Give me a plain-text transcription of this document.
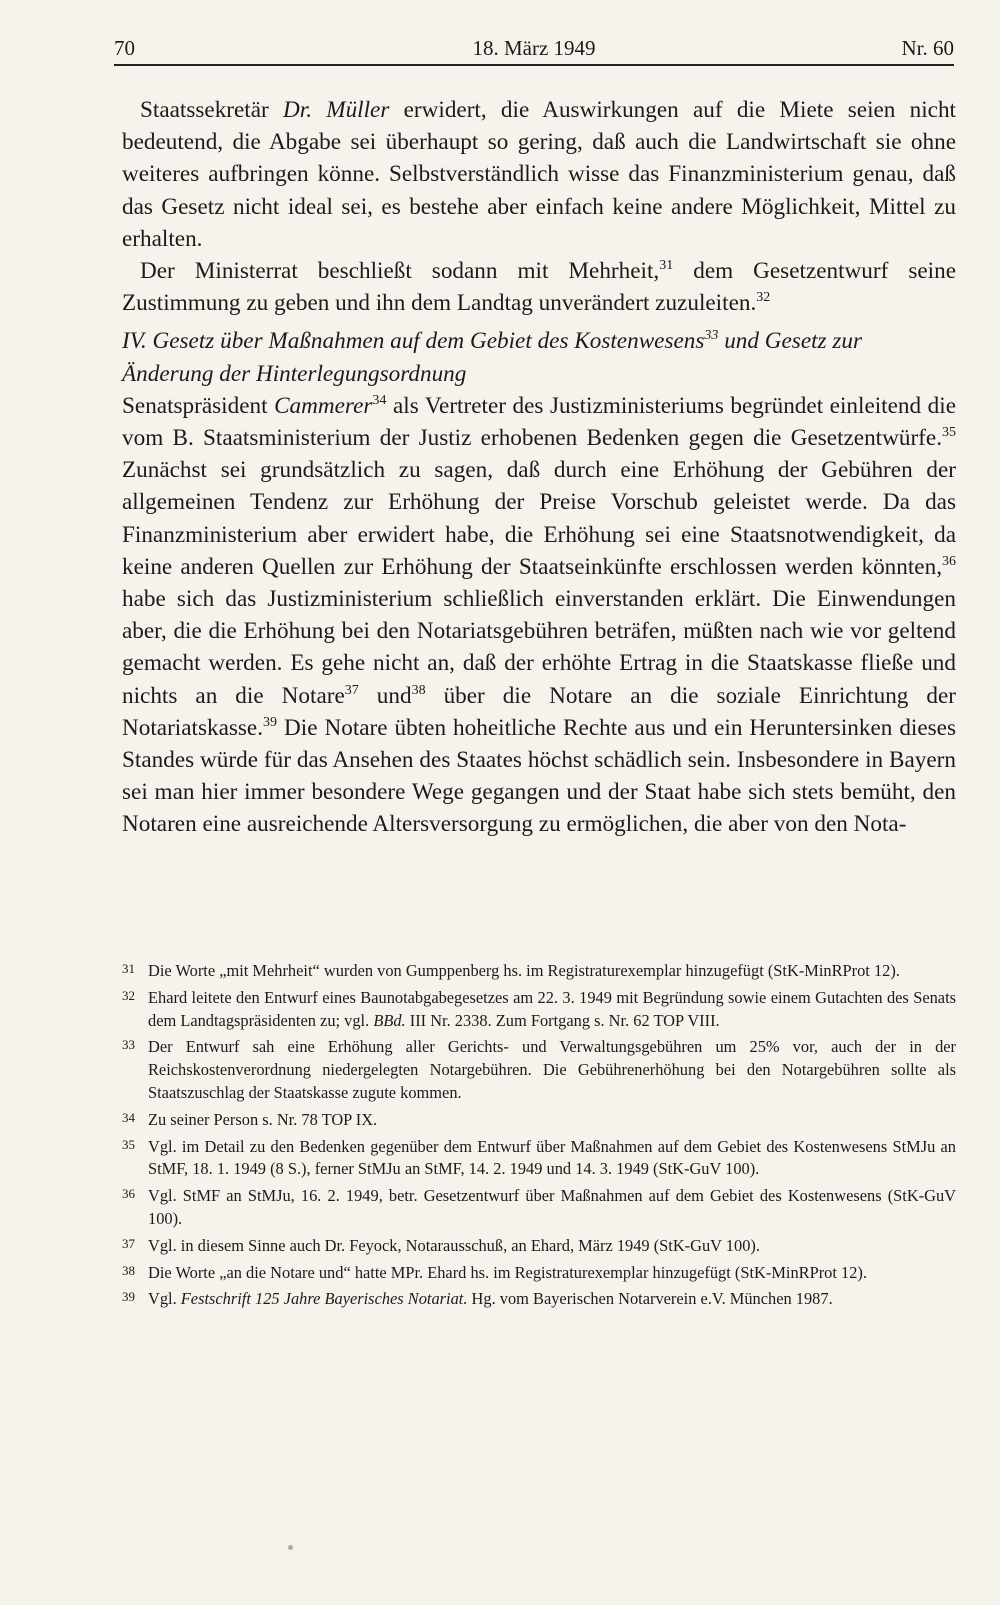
70	18. März 1949	Nr. 60

Staatssekretär Dr. Müller erwidert, die Auswirkungen auf die Miete seien nicht bedeutend, die Abgabe sei überhaupt so gering, daß auch die Landwirtschaft sie ohne weiteres aufbringen könne. Selbstverständlich wisse das Finanzministerium genau, daß das Gesetz nicht ideal sei, es bestehe aber einfach keine andere Möglichkeit, Mittel zu erhalten.

Der Ministerrat beschließt sodann mit Mehrheit,$^{31}$ dem Gesetzentwurf seine Zustimmung zu geben und ihn dem Landtag unverändert zuzuleiten.$^{32}$

IV. Gesetz über Maßnahmen auf dem Gebiet des Kostenwesens$^{33}$ und Gesetz zur Änderung der Hinterlegungsordnung

Senatspräsident Cammerer$^{34}$ als Vertreter des Justizministeriums begründet einleitend die vom B. Staatsministerium der Justiz erhobenen Bedenken gegen die Gesetzentwürfe.$^{35}$ Zunächst sei grundsätzlich zu sagen, daß durch eine Erhöhung der Gebühren der allgemeinen Tendenz zur Erhöhung der Preise Vorschub geleistet werde. Da das Finanzministerium aber erwidert habe, die Erhöhung sei eine Staatsnotwendigkeit, da keine anderen Quellen zur Erhöhung der Staatseinkünfte erschlossen werden könnten,$^{36}$ habe sich das Justizministerium schließlich einverstanden erklärt. Die Einwendungen aber, die die Erhöhung bei den Notariatsgebühren beträfen, müßten nach wie vor geltend gemacht werden. Es gehe nicht an, daß der erhöhte Ertrag in die Staatskasse fließe und nichts an die Notare$^{37}$ und$^{38}$ über die Notare an die soziale Einrichtung der Notariatskasse.$^{39}$ Die Notare übten hoheitliche Rechte aus und ein Heruntersinken dieses Standes würde für das Ansehen des Staates höchst schädlich sein. Insbesondere in Bayern sei man hier immer besondere Wege gegangen und der Staat habe sich stets bemüht, den Notaren eine ausreichende Altersversorgung zu ermöglichen, die aber von den Nota-

31 Die Worte „mit Mehrheit“ wurden von Gumppenberg hs. im Registraturexemplar hinzugefügt (StK-MinRProt 12).
32 Ehard leitete den Entwurf eines Baunotabgabegesetzes am 22. 3. 1949 mit Begründung sowie einem Gutachten des Senats dem Landtagspräsidenten zu; vgl. BBd. III Nr. 2338. Zum Fortgang s. Nr. 62 TOP VIII.
33 Der Entwurf sah eine Erhöhung aller Gerichts- und Verwaltungsgebühren um 25% vor, auch der in der Reichskostenverordnung niedergelegten Notargebühren. Die Gebührenerhöhung bei den Notargebühren sollte als Staatszuschlag der Staatskasse zugute kommen.
34 Zu seiner Person s. Nr. 78 TOP IX.
35 Vgl. im Detail zu den Bedenken gegenüber dem Entwurf über Maßnahmen auf dem Gebiet des Kostenwesens StMJu an StMF, 18. 1. 1949 (8 S.), ferner StMJu an StMF, 14. 2. 1949 und 14. 3. 1949 (StK-GuV 100).
36 Vgl. StMF an StMJu, 16. 2. 1949, betr. Gesetzentwurf über Maßnahmen auf dem Gebiet des Kostenwesens (StK-GuV 100).
37 Vgl. in diesem Sinne auch Dr. Feyock, Notarausschuß, an Ehard, März 1949 (StK-GuV 100).
38 Die Worte „an die Notare und“ hatte MPr. Ehard hs. im Registraturexemplar hinzugefügt (StK-MinRProt 12).
39 Vgl. Festschrift 125 Jahre Bayerisches Notariat. Hg. vom Bayerischen Notarverein e.V. München 1987.
